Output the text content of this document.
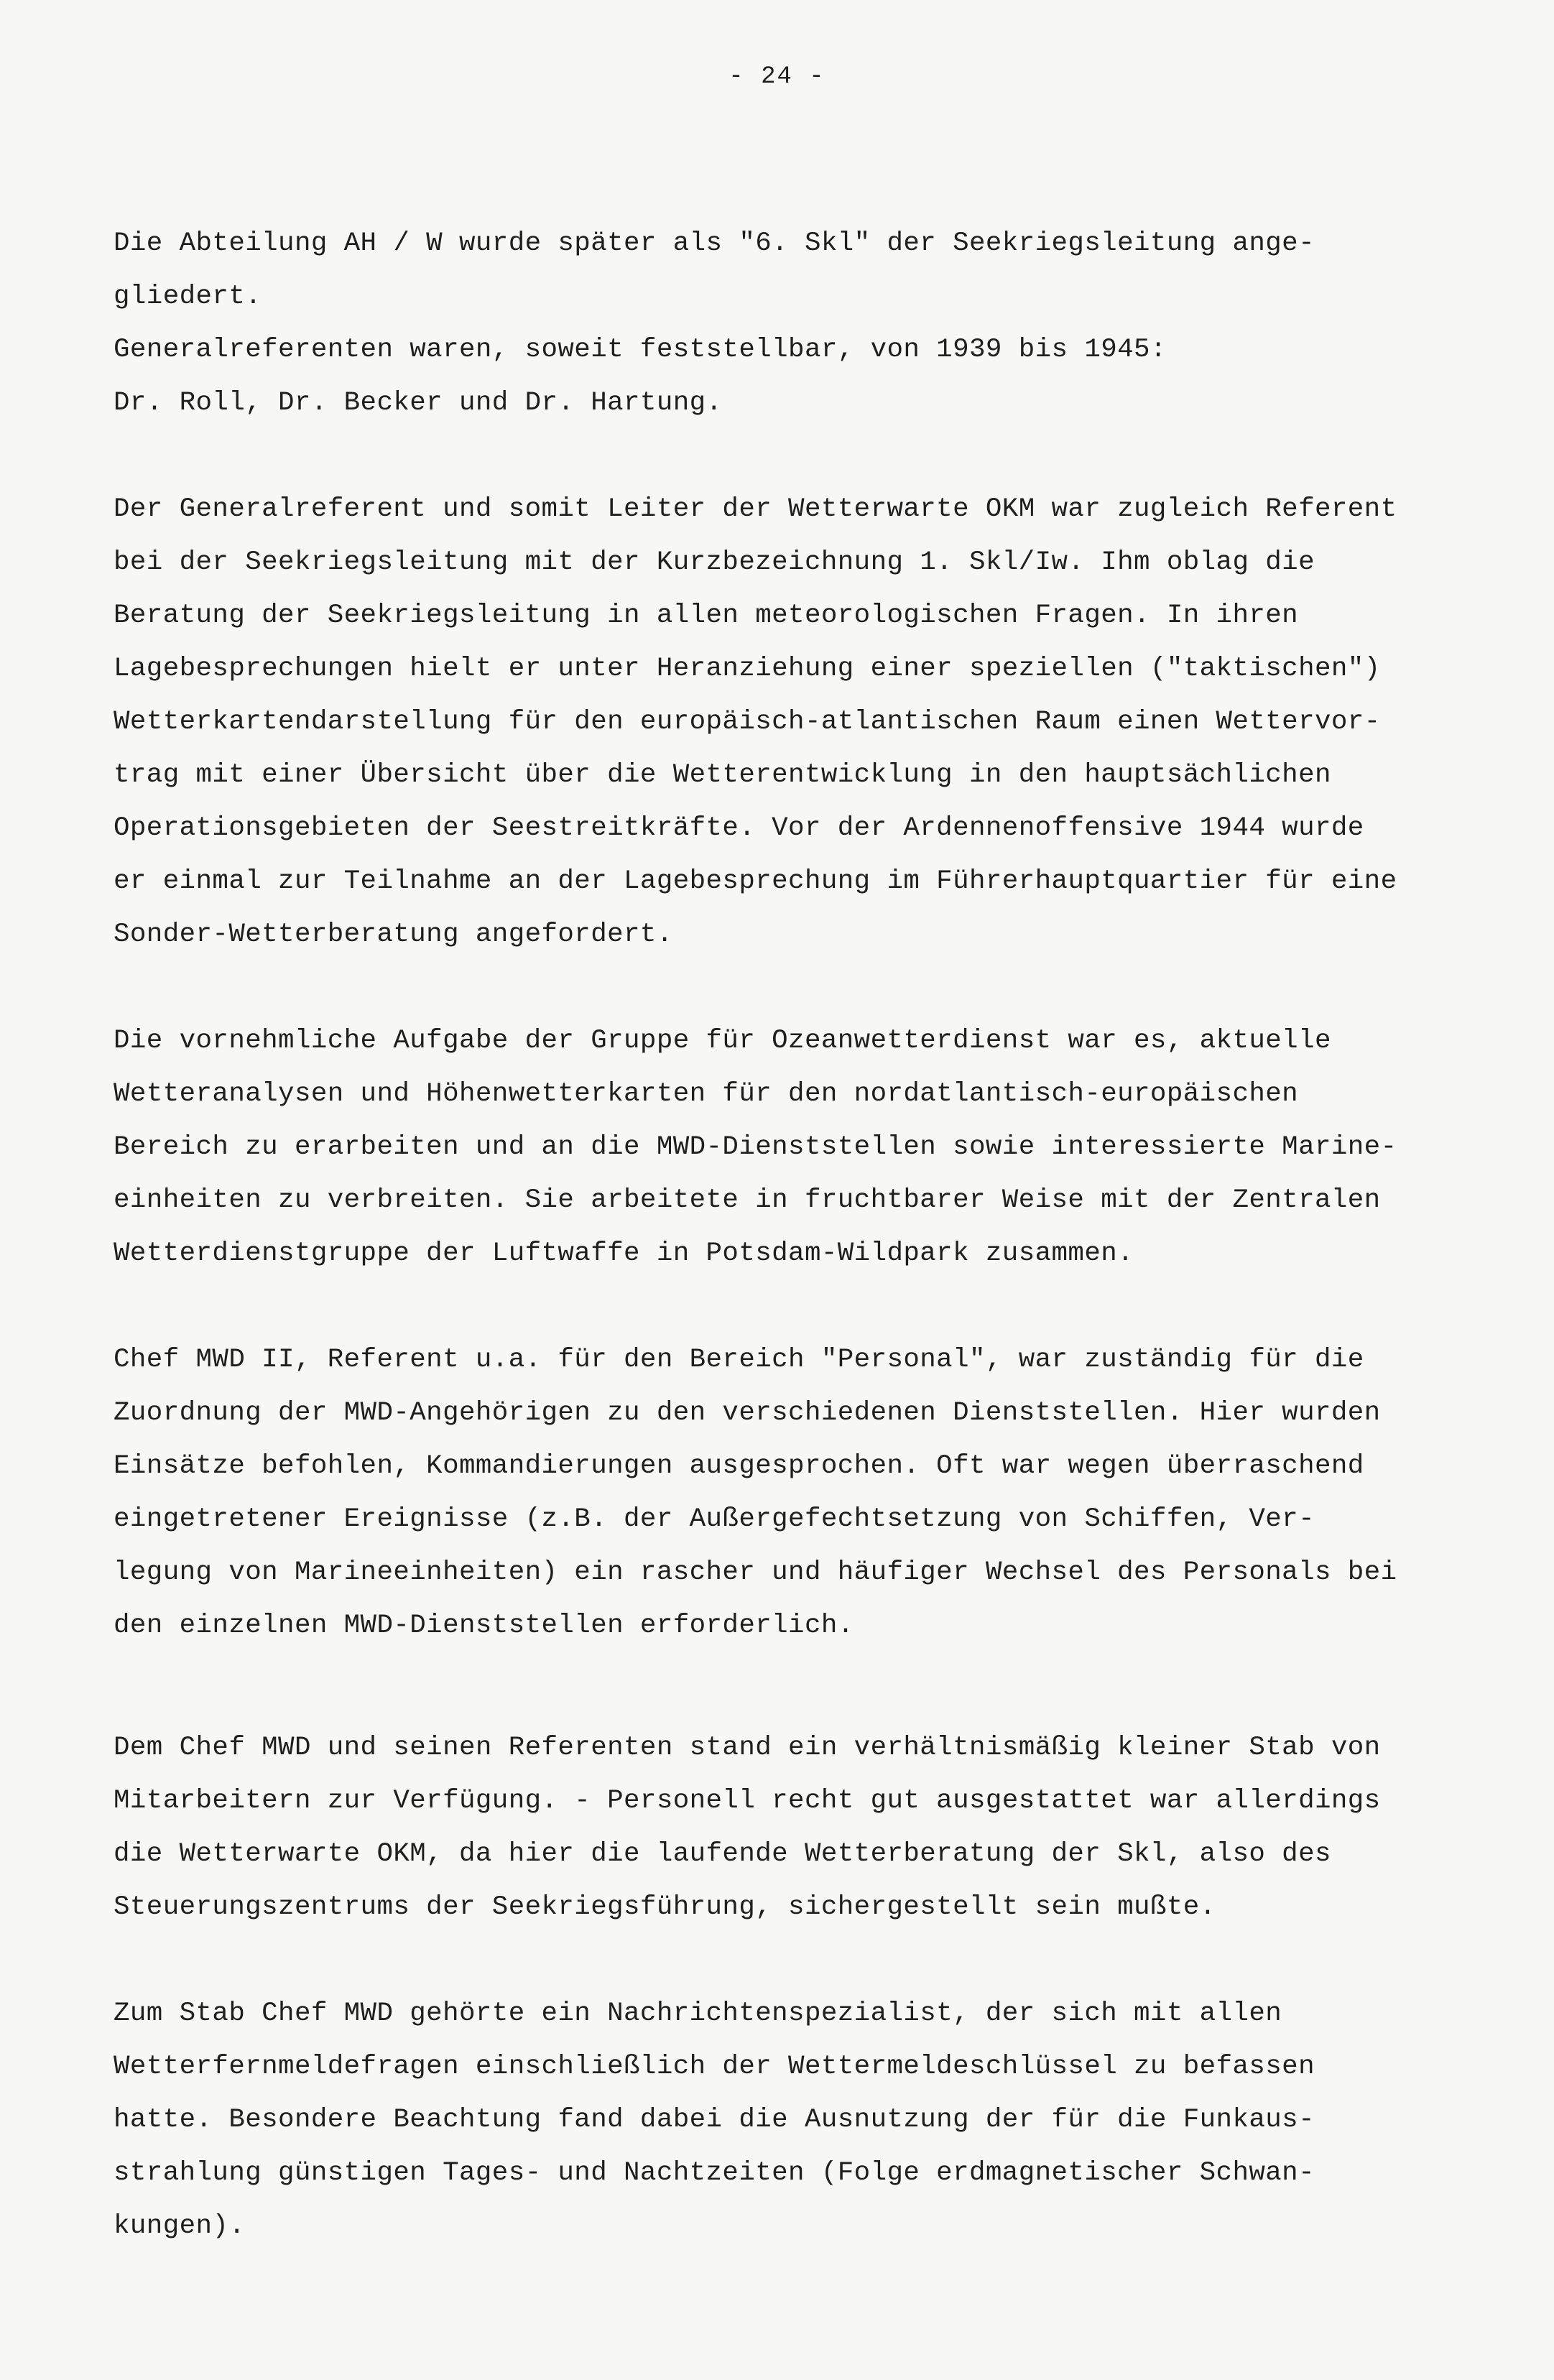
- 24 -
Die Abteilung AH / W wurde später als "6. Skl" der Seekriegsleitung ange-
gliedert.
Generalreferenten waren, soweit feststellbar, von 1939 bis 1945:
Dr. Roll, Dr. Becker und Dr. Hartung.
Der Generalreferent und somit Leiter der Wetterwarte OKM war zugleich Referent
bei der Seekriegsleitung mit der Kurzbezeichnung 1. Skl/Iw. Ihm oblag die
Beratung der Seekriegsleitung in allen meteorologischen Fragen. In ihren
Lagebesprechungen hielt er unter Heranziehung einer speziellen ("taktischen")
Wetterkartendarstellung für den europäisch-atlantischen Raum einen Wettervor-
trag mit einer Übersicht über die Wetterentwicklung in den hauptsächlichen
Operationsgebieten der Seestreitkräfte. Vor der Ardennenoffensive 1944 wurde
er einmal zur Teilnahme an der Lagebesprechung im Führerhauptquartier für eine
Sonder-Wetterberatung angefordert.
Die vornehmliche Aufgabe der Gruppe für Ozeanwetterdienst war es, aktuelle
Wetteranalysen und Höhenwetterkarten für den nordatlantisch-europäischen
Bereich zu erarbeiten und an die MWD-Dienststellen sowie interessierte Marine-
einheiten zu verbreiten. Sie arbeitete in fruchtbarer Weise mit der Zentralen
Wetterdienstgruppe der Luftwaffe in Potsdam-Wildpark zusammen.
Chef MWD II, Referent u.a. für den Bereich "Personal", war zuständig für die
Zuordnung der MWD-Angehörigen zu den verschiedenen Dienststellen. Hier wurden
Einsätze befohlen, Kommandierungen ausgesprochen. Oft war wegen überraschend
eingetretener Ereignisse (z.B. der Außergefechtsetzung von Schiffen, Ver-
legung von Marineeinheiten) ein rascher und häufiger Wechsel des Personals bei
den einzelnen MWD-Dienststellen erforderlich.
Dem Chef MWD und seinen Referenten stand ein verhältnismäßig kleiner Stab von
Mitarbeitern zur Verfügung. - Personell recht gut ausgestattet war allerdings
die Wetterwarte OKM, da hier die laufende Wetterberatung der Skl, also des
Steuerungszentrums der Seekriegsführung, sichergestellt sein mußte.
Zum Stab Chef MWD gehörte ein Nachrichtenspezialist, der sich mit allen
Wetterfernmeldefragen einschließlich der Wettermeldeschlüssel zu befassen
hatte. Besondere Beachtung fand dabei die Ausnutzung der für die Funkaus-
strahlung günstigen Tages- und Nachtzeiten (Folge erdmagnetischer Schwan-
kungen).
